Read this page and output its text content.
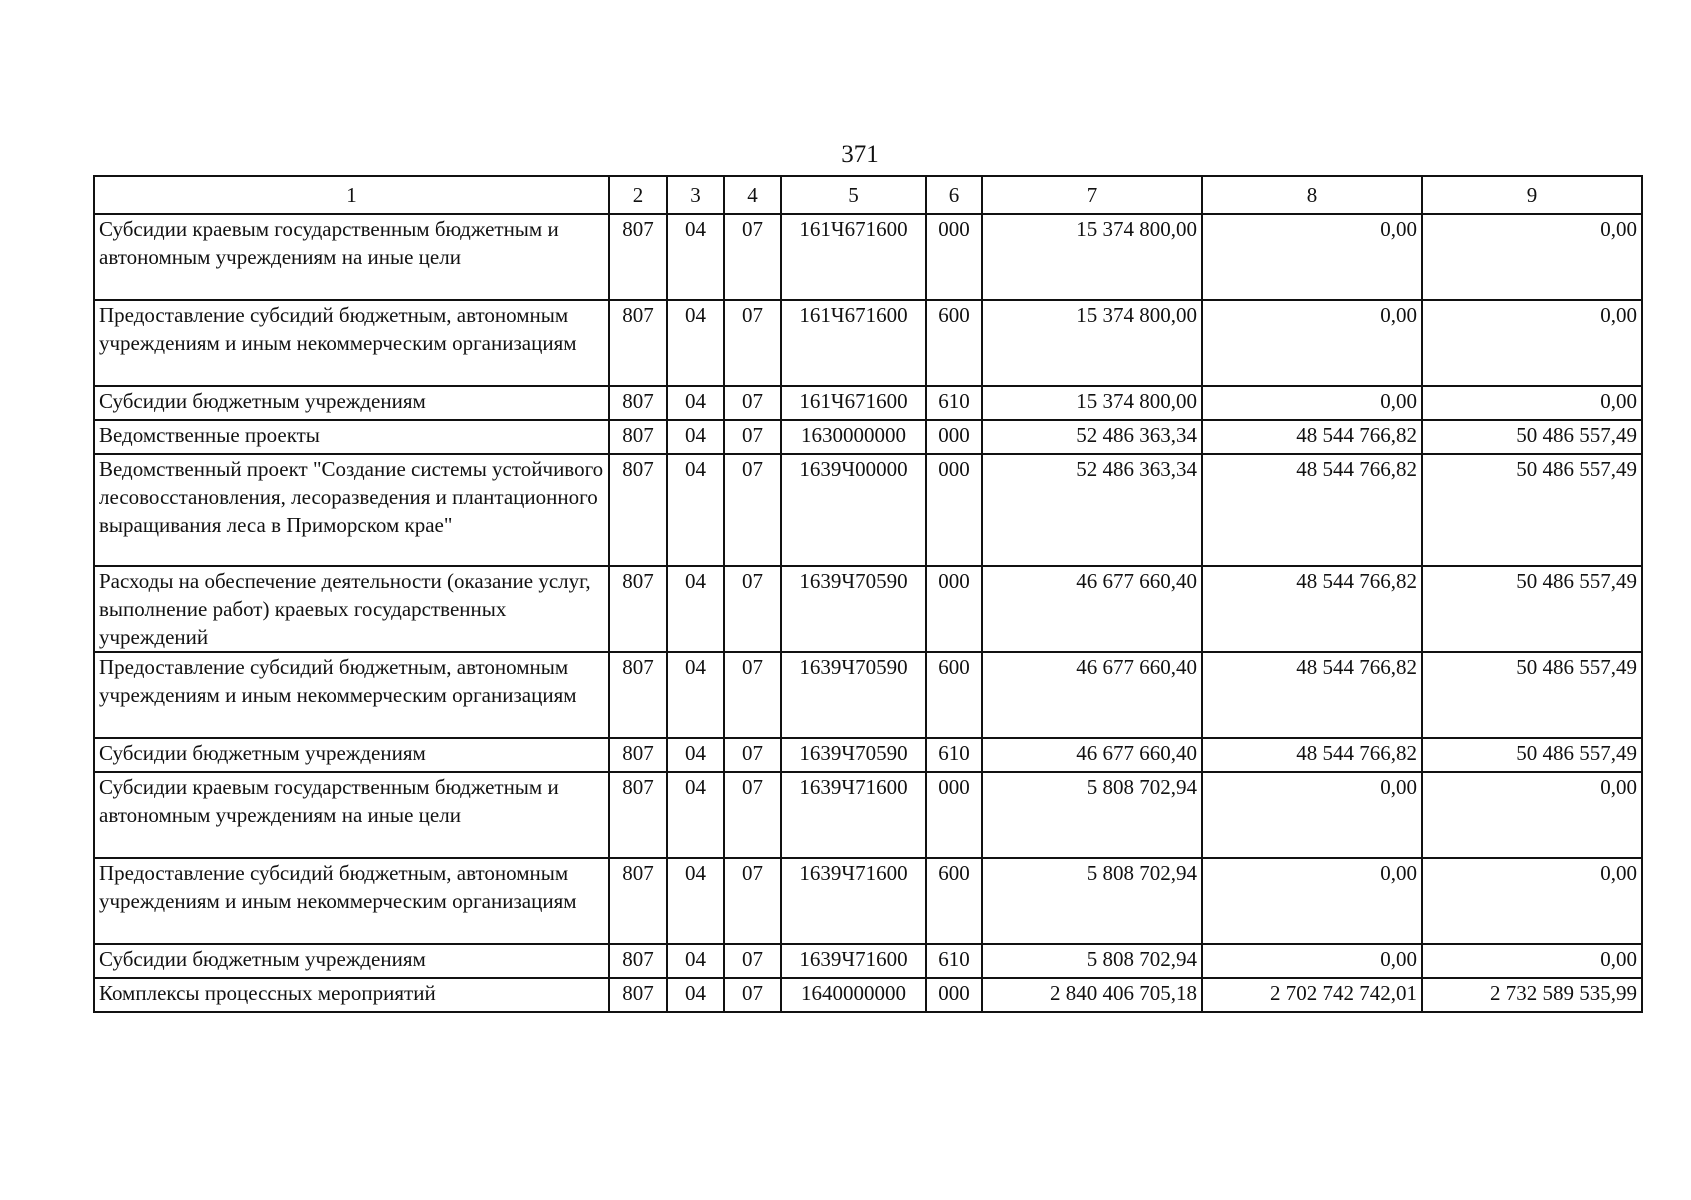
371
1	2	3	4	5	6	7	8	9
Субсидии краевым государственным бюджетным и автономным учреждениям на иные цели	807	04	07	161Ч671600	000	15 374 800,00	0,00	0,00
Предоставление субсидий бюджетным, автономным учреждениям и иным некоммерческим организациям	807	04	07	161Ч671600	600	15 374 800,00	0,00	0,00
Субсидии бюджетным учреждениям	807	04	07	161Ч671600	610	15 374 800,00	0,00	0,00
Ведомственные проекты	807	04	07	1630000000	000	52 486 363,34	48 544 766,82	50 486 557,49
Ведомственный проект "Создание системы устойчивого лесовосстановления, лесоразведения и плантационного выращивания леса в Приморском крае"	807	04	07	1639Ч00000	000	52 486 363,34	48 544 766,82	50 486 557,49
Расходы на обеспечение деятельности (оказание услуг, выполнение работ) краевых государственных учреждений	807	04	07	1639Ч70590	000	46 677 660,40	48 544 766,82	50 486 557,49
Предоставление субсидий бюджетным, автономным учреждениям и иным некоммерческим организациям	807	04	07	1639Ч70590	600	46 677 660,40	48 544 766,82	50 486 557,49
Субсидии бюджетным учреждениям	807	04	07	1639Ч70590	610	46 677 660,40	48 544 766,82	50 486 557,49
Субсидии краевым государственным бюджетным и автономным учреждениям на иные цели	807	04	07	1639Ч71600	000	5 808 702,94	0,00	0,00
Предоставление субсидий бюджетным, автономным учреждениям и иным некоммерческим организациям	807	04	07	1639Ч71600	600	5 808 702,94	0,00	0,00
Субсидии бюджетным учреждениям	807	04	07	1639Ч71600	610	5 808 702,94	0,00	0,00
Комплексы процессных мероприятий	807	04	07	1640000000	000	2 840 406 705,18	2 702 742 742,01	2 732 589 535,99
